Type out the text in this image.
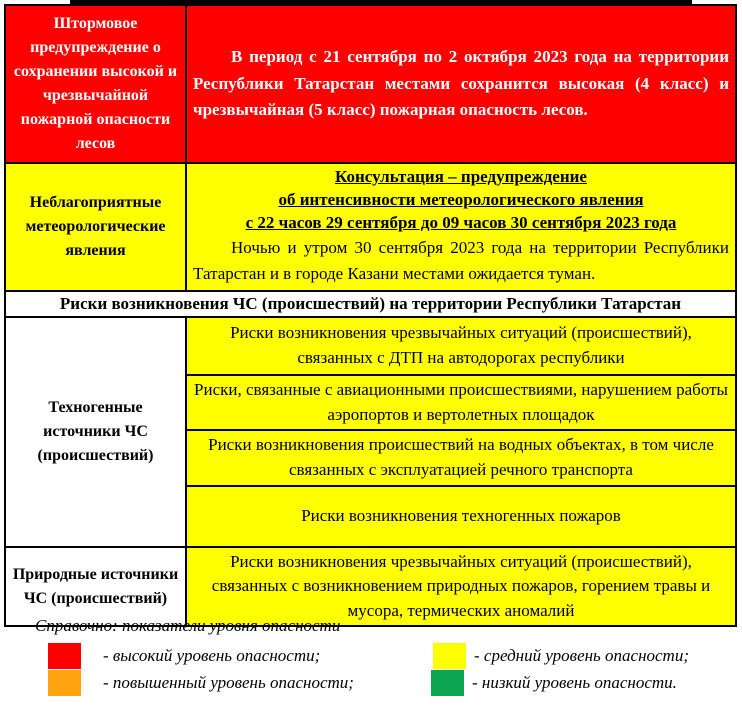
Штормовое предупреждение о сохранении высокой и чрезвычайной пожарной опасности лесов	В период с 21 сентября по 2 октября 2023 года на территории Республики Татарстан местами сохранится высокая (4 класс) и чрезвычайная (5 класс) пожарная опасность лесов.
Неблагоприятные метеорологические явления	Консультация – предупреждение
об интенсивности метеорологического явления
с 22 часов 29 сентября до 09 часов 30 сентября 2023 года
Ночью и утром 30 сентября 2023 года на территории Республики Татарстан и в городе Казани местами ожидается туман.

Риски возникновения ЧС (происшествий) на территории Республики Татарстан	
Техногенные источники ЧС (происшествий)	Риски возникновения чрезвычайных ситуаций (происшествий), связанных с ДТП на автодорогах республики
	Риски, связанные с авиационными происшествиями, нарушением работы аэропортов и вертолетных площадок
	Риски возникновения происшествий на водных объектах, в том числе связанных с эксплуатацией речного транспорта
	Риски возникновения техногенных пожаров
Природные источники ЧС (происшествий)	Риски возникновения чрезвычайных ситуаций (происшествий), связанных с возникновением природных пожаров, горением травы и мусора, термических аномалий
Справочно: показатели уровня опасности
- высокий уровень опасности;
- повышенный уровень опасности;
- средний уровень опасности;
- низкий уровень опасности.
